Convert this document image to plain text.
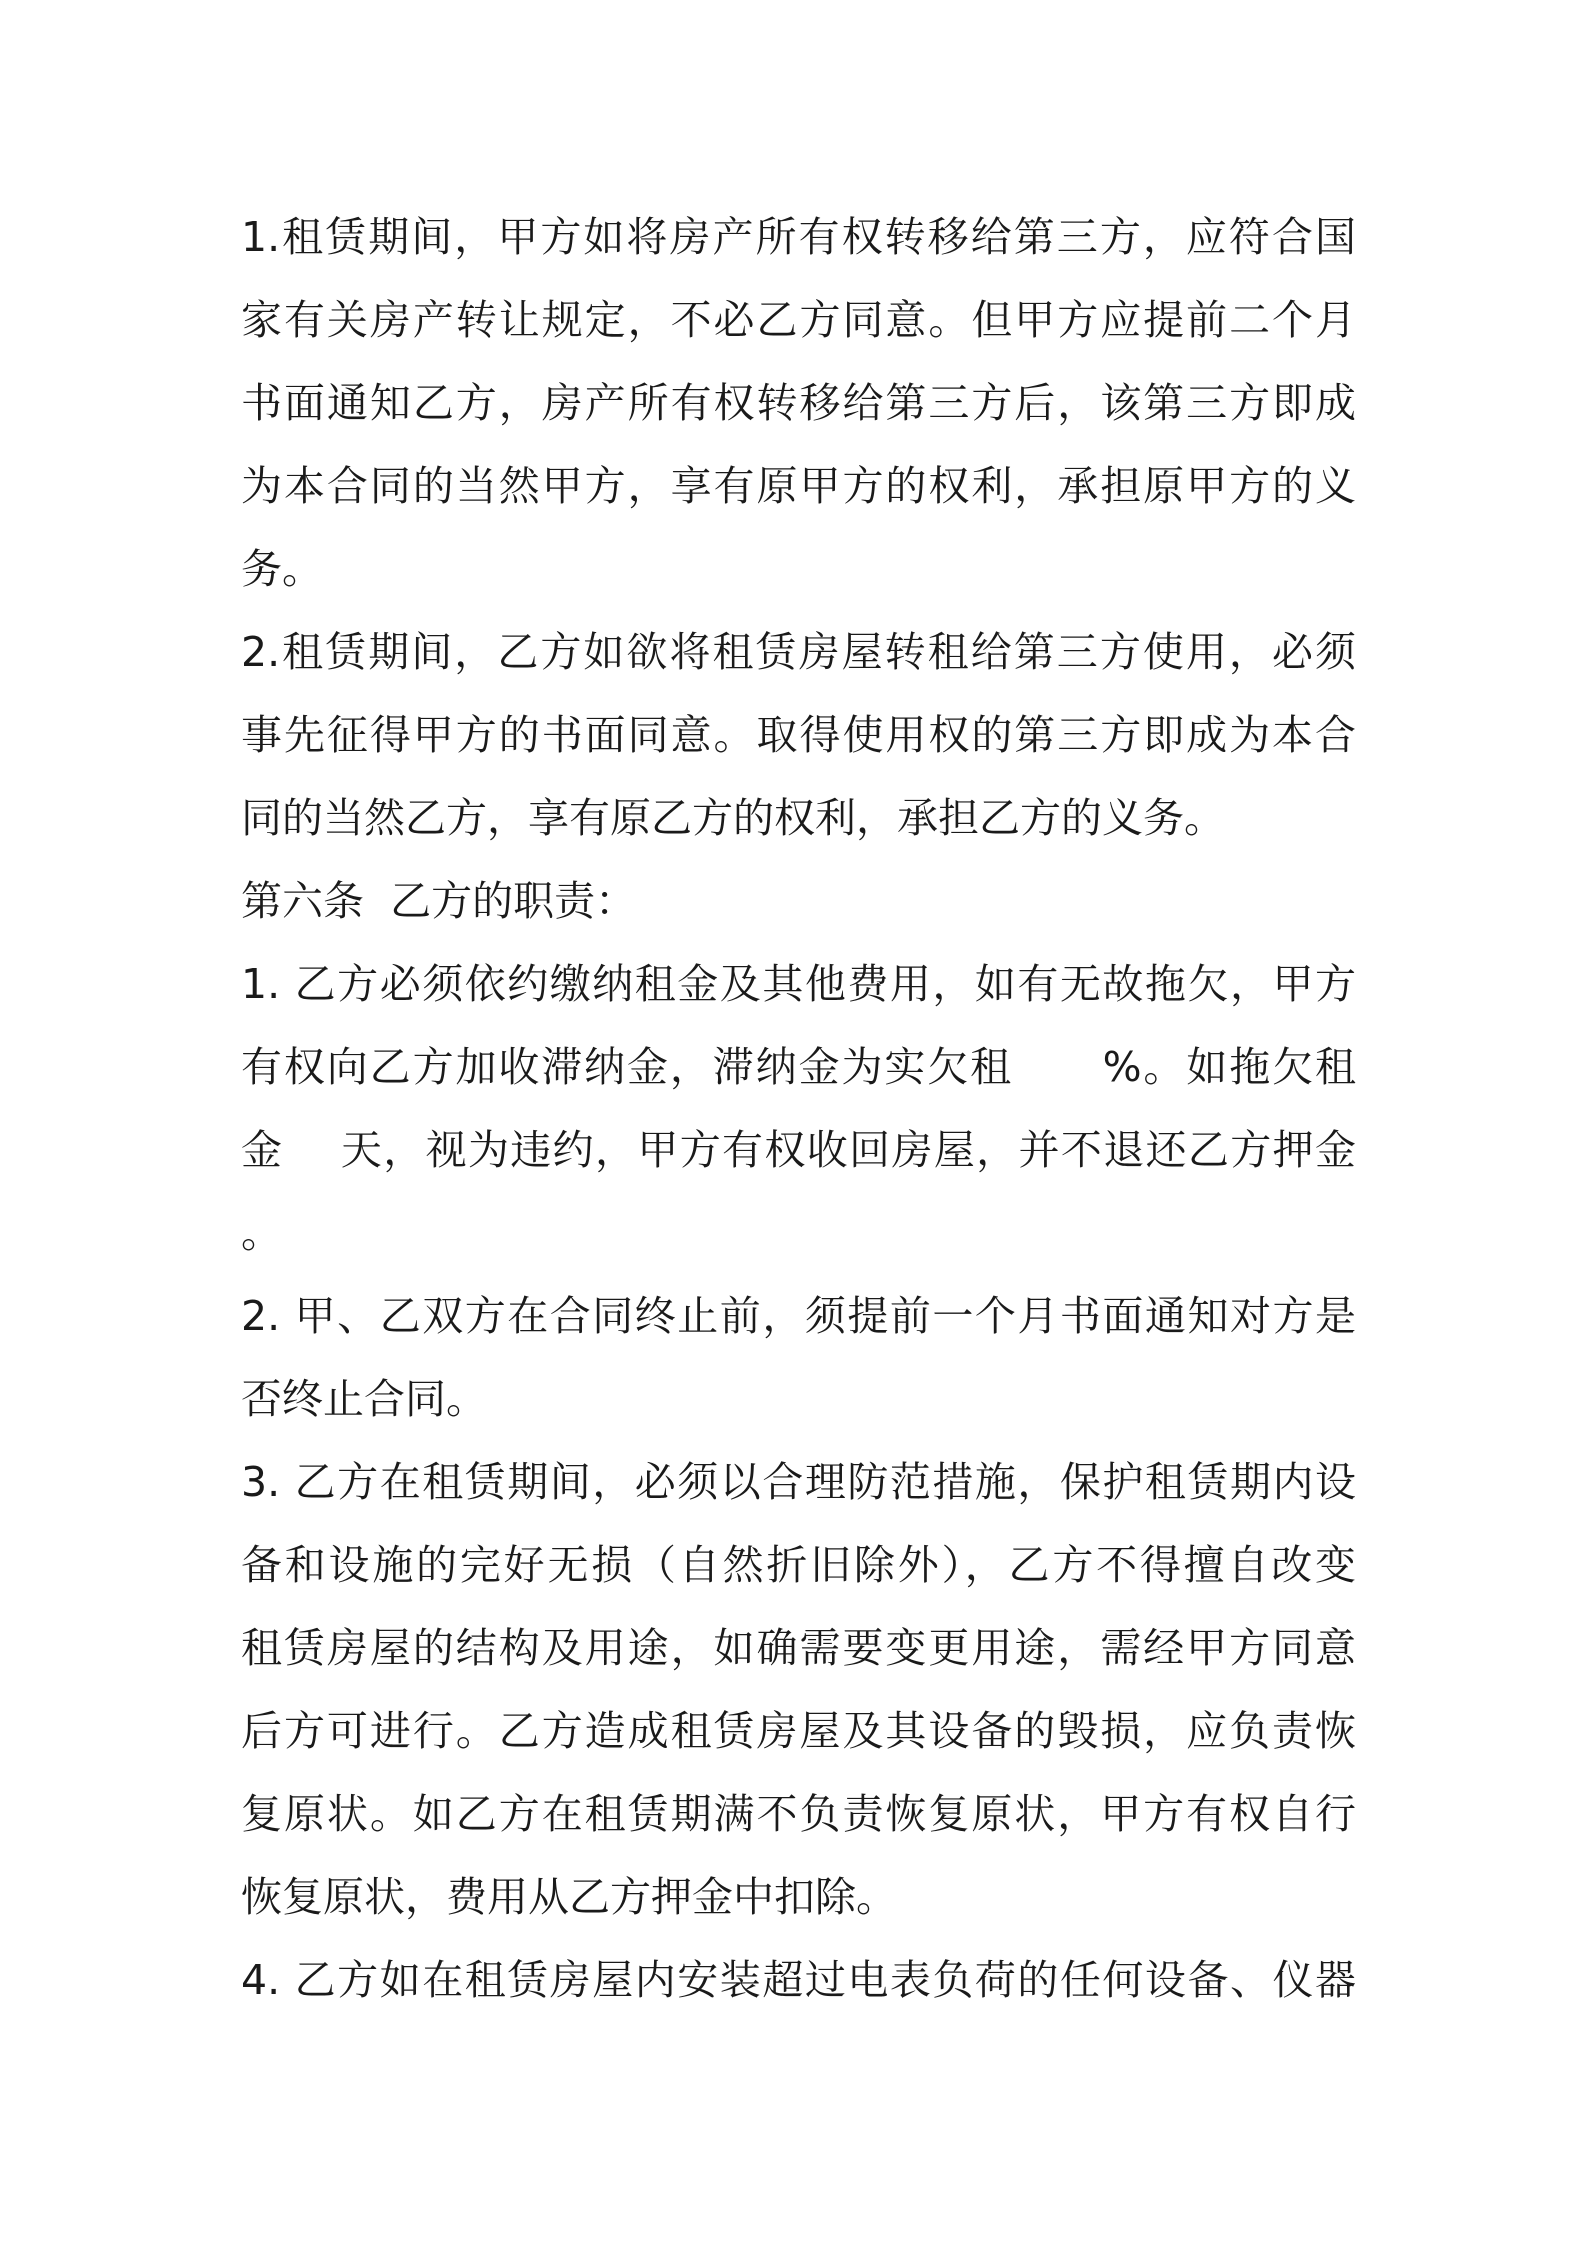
1.租赁期间，甲方如将房产所有权转移给第三方，应符合国
家有关房产转让规定，不必乙方同意。但甲方应提前二个月
书面通知乙方，房产所有权转移给第三方后，该第三方即成
为本合同的当然甲方，享有原甲方的权利，承担原甲方的义
务。
2.租赁期间，乙方如欲将租赁房屋转租给第三方使用，必须
事先征得甲方的书面同意。取得使用权的第三方即成为本合
同的当然乙方，享有原乙方的权利，承担乙方的义务。
第六条  乙方的职责：
1. 乙方必须依约缴纳租金及其他费用，如有无故拖欠，甲方
有权向乙方加收滞纳金，滞纳金为实欠租      %。如拖欠租
金    天，视为违约，甲方有权收回房屋，并不退还乙方押金
。
2. 甲、乙双方在合同终止前，须提前一个月书面通知对方是
否终止合同。
3. 乙方在租赁期间，必须以合理防范措施，保护租赁期内设
备和设施的完好无损（自然折旧除外），乙方不得擅自改变
租赁房屋的结构及用途，如确需要变更用途，需经甲方同意
后方可进行。乙方造成租赁房屋及其设备的毁损，应负责恢
复原状。如乙方在租赁期满不负责恢复原状，甲方有权自行
恢复原状，费用从乙方押金中扣除。
4. 乙方如在租赁房屋内安装超过电表负荷的任何设备、仪器
